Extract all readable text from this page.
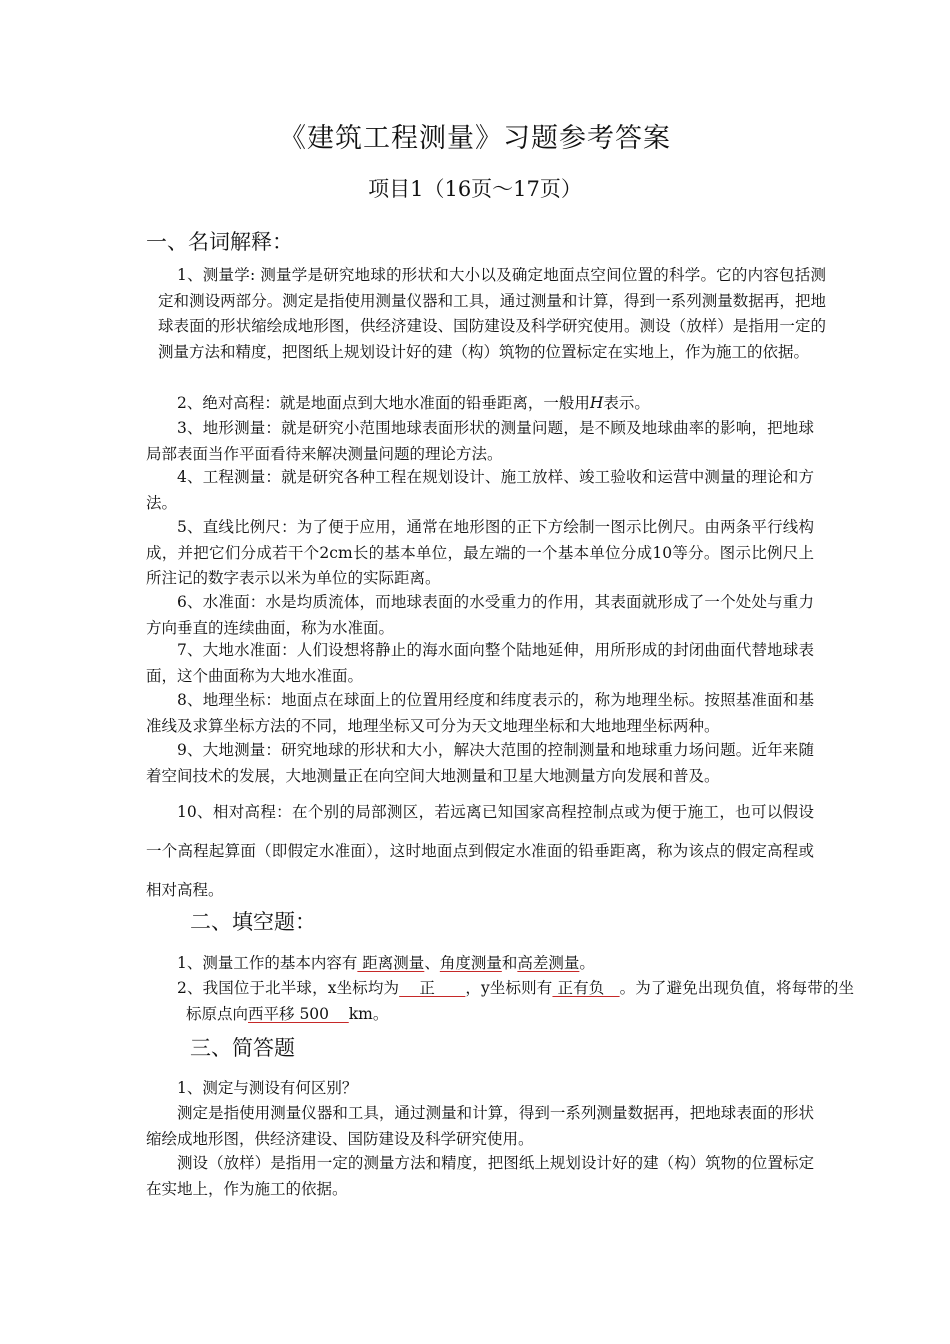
《建筑工程测量》习题参考答案
项目1（16页～17页）
一、名词解释：
1、测量学: 测量学是研究地球的形状和大小以及确定地面点空间位置的科学。它的内容包括测定和测设两部分。测定是指使用测量仪器和工具，通过测量和计算，得到一系列测量数据再，把地球表面的形状缩绘成地形图，供经济建设、国防建设及科学研究使用。测设（放样）是指用一定的测量方法和精度，把图纸上规划设计好的建（构）筑物的位置标定在实地上，作为施工的依据。
2、绝对高程：就是地面点到大地水准面的铅垂距离，一般用H表示。
3、地形测量：就是研究小范围地球表面形状的测量问题，是不顾及地球曲率的影响，把地球局部表面当作平面看待来解决测量问题的理论方法。
4、工程测量：就是研究各种工程在规划设计、施工放样、竣工验收和运营中测量的理论和方法。
5、直线比例尺：为了便于应用，通常在地形图的正下方绘制一图示比例尺。由两条平行线构成，并把它们分成若干个2cm长的基本单位，最左端的一个基本单位分成10等分。图示比例尺上所注记的数字表示以米为单位的实际距离。
6、水准面：水是均质流体，而地球表面的水受重力的作用，其表面就形成了一个处处与重力方向垂直的连续曲面，称为水准面。
7、大地水准面：人们设想将静止的海水面向整个陆地延伸，用所形成的封闭曲面代替地球表面，这个曲面称为大地水准面。
8、地理坐标：地面点在球面上的位置用经度和纬度表示的，称为地理坐标。按照基准面和基准线及求算坐标方法的不同，地理坐标又可分为天文地理坐标和大地地理坐标两种。
9、大地测量：研究地球的形状和大小，解决大范围的控制测量和地球重力场问题。近年来随着空间技术的发展，大地测量正在向空间大地测量和卫星大地测量方向发展和普及。
10、相对高程：在个别的局部测区，若远离已知国家高程控制点或为便于施工，也可以假设一个高程起算面（即假定水准面），这时地面点到假定水准面的铅垂距离，称为该点的假定高程或相对高程。
二、填空题：
1、测量工作的基本内容有 距离测量、角度测量和高差测量。
2、我国位于北半球，x坐标均为    正      ，y坐标则有 正有负   。为了避免出现负值，将每带的坐标原点向西平移 500    km。
三、简答题
1、测定与测设有何区别？
测定是指使用测量仪器和工具，通过测量和计算，得到一系列测量数据再，把地球表面的形状缩绘成地形图，供经济建设、国防建设及科学研究使用。
测设（放样）是指用一定的测量方法和精度，把图纸上规划设计好的建（构）筑物的位置标定在实地上，作为施工的依据。
